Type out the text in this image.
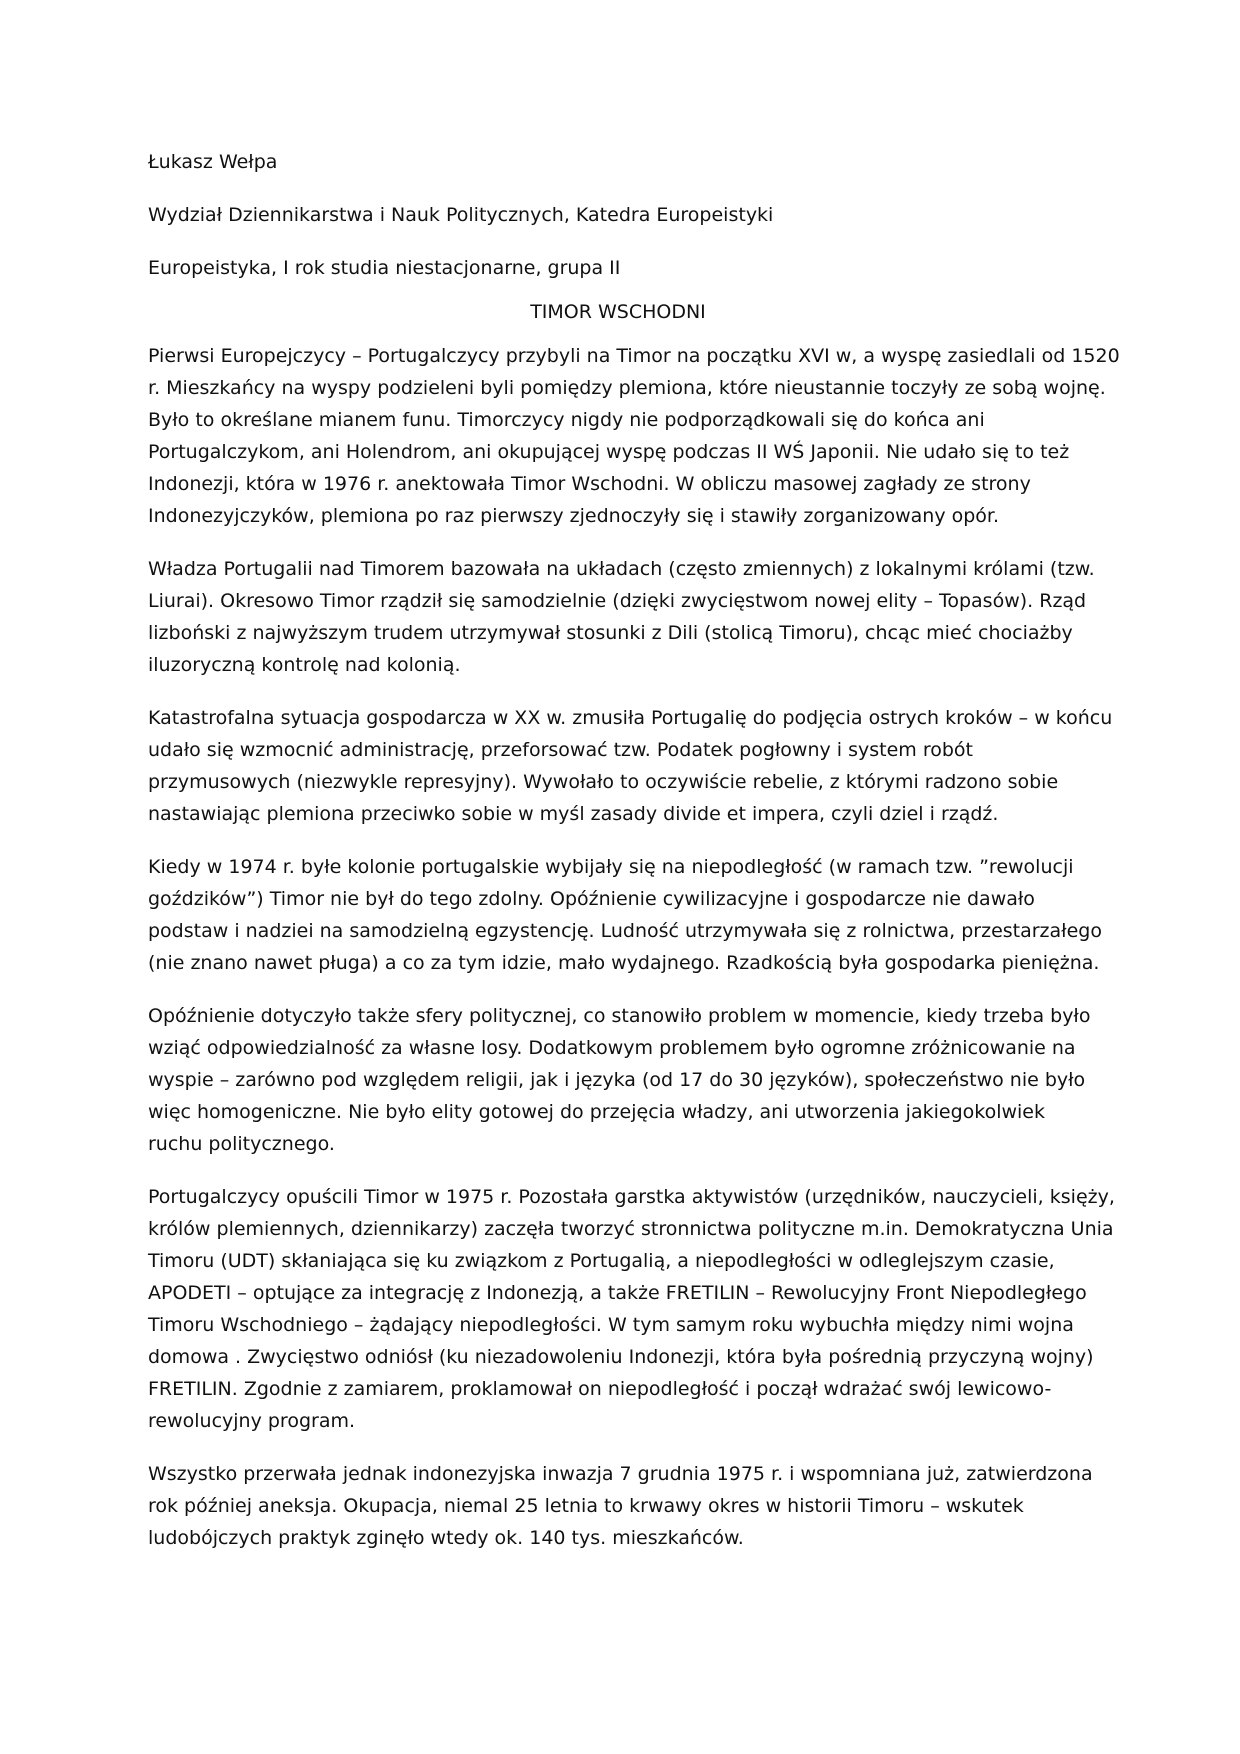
Łukasz Wełpa
Wydział Dziennikarstwa i Nauk Politycznych, Katedra Europeistyki
Europeistyka, I rok studia niestacjonarne, grupa II
TIMOR WSCHODNI
Pierwsi Europejczycy – Portugalczycy przybyli na Timor na początku XVI w, a wyspę zasiedlali od 1520
r. Mieszkańcy na wyspy podzieleni byli pomiędzy plemiona, które nieustannie toczyły ze sobą wojnę.
Było to określane mianem funu. Timorczycy nigdy nie podporządkowali się do końca ani
Portugalczykom, ani Holendrom, ani okupującej wyspę podczas II WŚ Japonii. Nie udało się to też
Indonezji, która w 1976 r. anektowała Timor Wschodni. W obliczu masowej zagłady ze strony
Indonezyjczyków, plemiona po raz pierwszy zjednoczyły się i stawiły zorganizowany opór.
Władza Portugalii nad Timorem bazowała na układach (często zmiennych) z lokalnymi królami (tzw.
Liurai). Okresowo Timor rządził się samodzielnie (dzięki zwycięstwom nowej elity – Topasów). Rząd
lizboński z najwyższym trudem utrzymywał stosunki z Dili (stolicą Timoru), chcąc mieć chociażby
iluzoryczną kontrolę nad kolonią.
Katastrofalna sytuacja gospodarcza w XX w. zmusiła Portugalię do podjęcia ostrych kroków – w końcu
udało się wzmocnić administrację, przeforsować tzw. Podatek pogłowny i system robót
przymusowych (niezwykle represyjny). Wywołało to oczywiście rebelie, z którymi radzono sobie
nastawiając plemiona przeciwko sobie w myśl zasady divide et impera, czyli dziel i rządź.
Kiedy w 1974 r. byłe kolonie portugalskie wybijały się na niepodległość (w ramach tzw. ”rewolucji
goździków”) Timor nie był do tego zdolny. Opóźnienie cywilizacyjne i gospodarcze nie dawało
podstaw i nadziei na samodzielną egzystencję. Ludność utrzymywała się z rolnictwa, przestarzałego
(nie znano nawet pługa) a co za tym idzie, mało wydajnego. Rzadkością była gospodarka pieniężna.
Opóźnienie dotyczyło także sfery politycznej, co stanowiło problem w momencie, kiedy trzeba było
wziąć odpowiedzialność za własne losy. Dodatkowym problemem było ogromne zróżnicowanie na
wyspie – zarówno pod względem religii, jak i języka (od 17 do 30 języków), społeczeństwo nie było
więc homogeniczne. Nie było elity gotowej do przejęcia władzy, ani utworzenia jakiegokolwiek
ruchu politycznego.
Portugalczycy opuścili Timor w 1975 r. Pozostała garstka aktywistów (urzędników, nauczycieli, księży,
królów plemiennych, dziennikarzy) zaczęła tworzyć stronnictwa polityczne m.in. Demokratyczna Unia
Timoru (UDT) skłaniająca się ku związkom z Portugalią, a niepodległości w odleglejszym czasie,
APODETI – optujące za integrację z Indonezją, a także FRETILIN – Rewolucyjny Front Niepodległego
Timoru Wschodniego – żądający niepodległości. W tym samym roku wybuchła między nimi wojna
domowa . Zwycięstwo odniósł (ku niezadowoleniu Indonezji, która była pośrednią przyczyną wojny)
FRETILIN. Zgodnie z zamiarem, proklamował on niepodległość i począł wdrażać swój lewicowo-
rewolucyjny program.
Wszystko przerwała jednak indonezyjska inwazja 7 grudnia 1975 r. i wspomniana już, zatwierdzona
rok później aneksja. Okupacja, niemal 25 letnia to krwawy okres w historii Timoru – wskutek
ludobójczych praktyk zginęło wtedy ok. 140 tys. mieszkańców.
